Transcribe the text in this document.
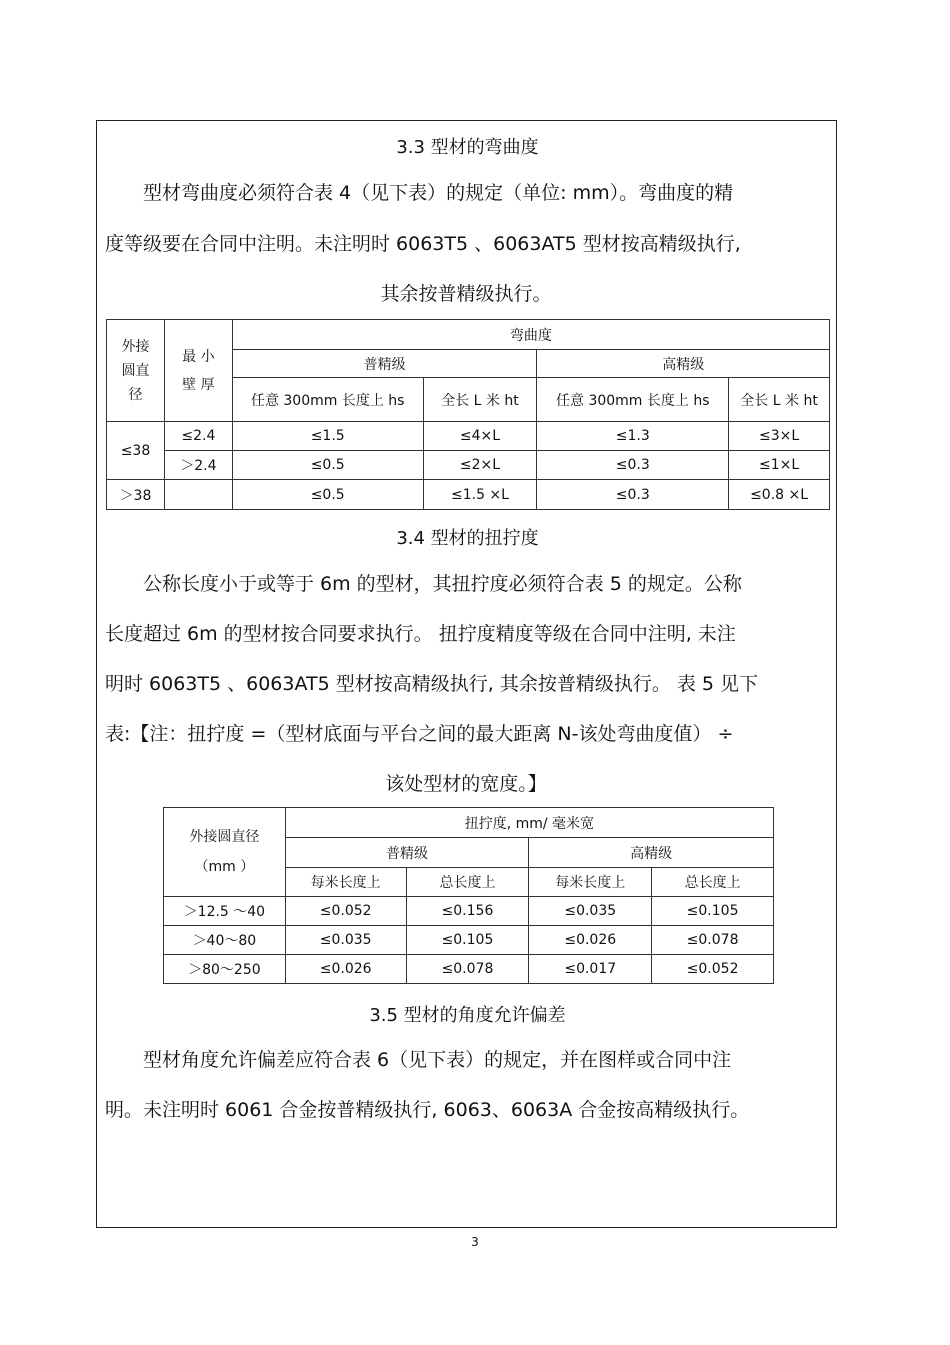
3.3 型材的弯曲度
型材弯曲度必须符合表 4（见下表）的规定（单位: mm）。弯曲度的精
度等级要在合同中注明。未注明时 6063T5 、6063AT5 型材按高精级执行,
其余按普精级执行。
外接
圆直
径	最 小
壁 厚	弯曲度			
		普精级		高精级	
		任意 300mm 长度上 hs	全长 L 米 ht	任意 300mm 长度上 hs	全长 L 米 ht
≤38	≤2.4	≤1.5	≤4×L	≤1.3	≤3×L
	＞2.4	≤0.5	≤2×L	≤0.3	≤1×L
＞38		≤0.5	≤1.5 ×L	≤0.3	≤0.8 ×L
3.4 型材的扭拧度
公称长度小于或等于 6m 的型材，其扭拧度必须符合表 5 的规定。公称
长度超过 6m 的型材按合同要求执行。 扭拧度精度等级在合同中注明, 未注
明时 6063T5 、6063AT5 型材按高精级执行, 其余按普精级执行。 表 5 见下
表:【注：扭拧度 =（型材底面与平台之间的最大距离 N-该处弯曲度值） ÷
该处型材的宽度。】
外接圆直径
（mm ）	扭拧度, mm/ 毫米宽			
	普精级		高精级	
	每米长度上	总长度上	每米长度上	总长度上
＞12.5 ～40	≤0.052	≤0.156	≤0.035	≤0.105
＞40～80	≤0.035	≤0.105	≤0.026	≤0.078
＞80～250	≤0.026	≤0.078	≤0.017	≤0.052
3.5 型材的角度允许偏差
型材角度允许偏差应符合表 6（见下表）的规定，并在图样或合同中注
明。未注明时 6061 合金按普精级执行, 6063、6063A 合金按高精级执行。
3
